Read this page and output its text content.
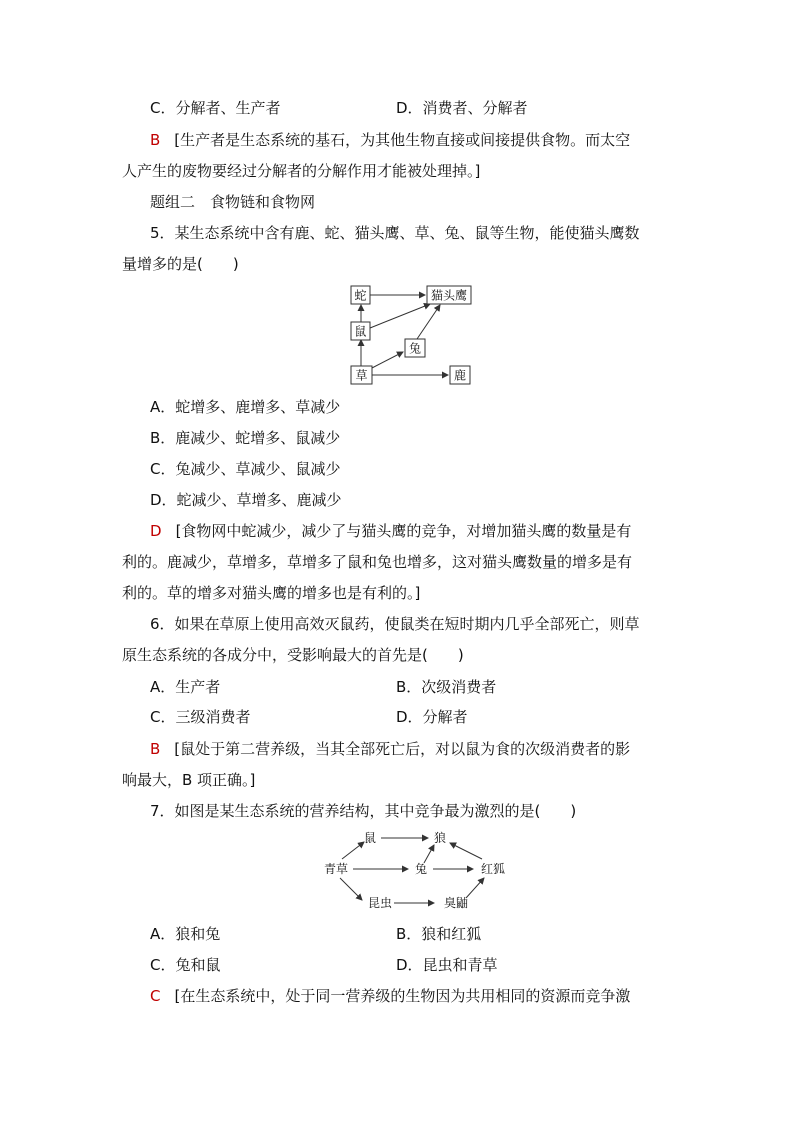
C．分解者、生产者	D．消费者、分解者
B [生产者是生态系统的基石，为其他生物直接或间接提供食物。而太空
人产生的废物要经过分解者的分解作用才能被处理掉。]
题组二　食物链和食物网
5．某生态系统中含有鹿、蛇、猫头鹰、草、兔、鼠等生物，能使猫头鹰数
量增多的是(　　)
蛇	猫头鹰
鼠
兔
草	鹿
A．蛇增多、鹿增多、草减少
B．鹿减少、蛇增多、鼠减少
C．兔减少、草减少、鼠减少
D．蛇减少、草增多、鹿减少
D [食物网中蛇减少，减少了与猫头鹰的竞争，对增加猫头鹰的数量是有
利的。鹿减少，草增多，草增多了鼠和兔也增多，这对猫头鹰数量的增多是有
利的。草的增多对猫头鹰的增多也是有利的。]
6．如果在草原上使用高效灭鼠药，使鼠类在短时期内几乎全部死亡，则草
原生态系统的各成分中，受影响最大的首先是(　　)
A．生产者	B．次级消费者
C．三级消费者	D．分解者
B [鼠处于第二营养级，当其全部死亡后，对以鼠为食的次级消费者的影
响最大，B 项正确。]
7．如图是某生态系统的营养结构，其中竞争最为激烈的是(　　)
鼠	狼
青草	兔	红狐
昆虫	臭鼬
A．狼和兔	B．狼和红狐
C．兔和鼠	D．昆虫和青草
C [在生态系统中，处于同一营养级的生物因为共用相同的资源而竞争激
